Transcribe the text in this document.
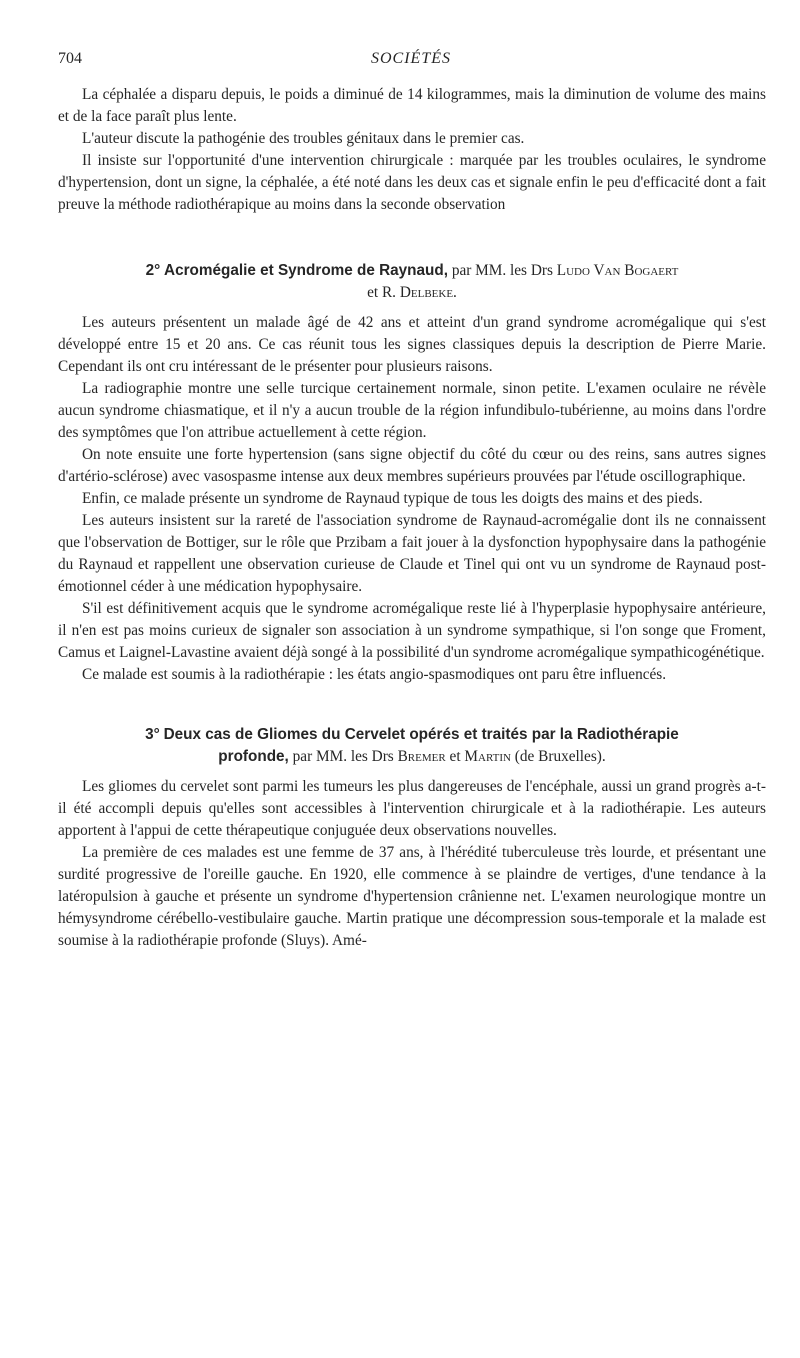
704	SOCIÉTÉS

La céphalée a disparu depuis, le poids a diminué de 14 kilogrammes, mais la diminution de volume des mains et de la face paraît plus lente.

L'auteur discute la pathogénie des troubles génitaux dans le premier cas.

Il insiste sur l'opportunité d'une intervention chirurgicale : marquée par les troubles oculaires, le syndrome d'hypertension, dont un signe, la céphalée, a été noté dans les deux cas et signale enfin le peu d'efficacité dont a fait preuve la méthode radiothérapique au moins dans la seconde observation

2° Acromégalie et Syndrome de Raynaud, par MM. les Drs Ludo Van Bogaert
et R. Delbeke.

Les auteurs présentent un malade âgé de 42 ans et atteint d'un grand syndrome acromégalique qui s'est développé entre 15 et 20 ans. Ce cas réunit tous les signes classiques depuis la description de Pierre Marie. Cependant ils ont cru intéressant de le présenter pour plusieurs raisons.

La radiographie montre une selle turcique certainement normale, sinon petite. L'examen oculaire ne révèle aucun syndrome chiasmatique, et il n'y a aucun trouble de la région infundibulo-tubérienne, au moins dans l'ordre des symptômes que l'on attribue actuellement à cette région.

On note ensuite une forte hypertension (sans signe objectif du côté du cœur ou des reins, sans autres signes d'artério-sclérose) avec vasospasme intense aux deux membres supérieurs prouvées par l'étude oscillographique.

Enfin, ce malade présente un syndrome de Raynaud typique de tous les doigts des mains et des pieds.

Les auteurs insistent sur la rareté de l'association syndrome de Raynaud-acromégalie dont ils ne connaissent que l'observation de Bottiger, sur le rôle que Przibam a fait jouer à la dysfonction hypophysaire dans la pathogénie du Raynaud et rappellent une observation curieuse de Claude et Tinel qui ont vu un syndrome de Raynaud post-émotionnel céder à une médication hypophysaire.

S'il est définitivement acquis que le syndrome acromégalique reste lié à l'hyperplasie hypophysaire antérieure, il n'en est pas moins curieux de signaler son association à un syndrome sympathique, si l'on songe que Froment, Camus et Laignel-Lavastine avaient déjà songé à la possibilité d'un syndrome acromégalique sympathicogénétique.

Ce malade est soumis à la radiothérapie : les états angio-spasmodiques ont paru être influencés.

3° Deux cas de Gliomes du Cervelet opérés et traités par la Radiothérapie
profonde, par MM. les Drs Bremer et Martin (de Bruxelles).

Les gliomes du cervelet sont parmi les tumeurs les plus dangereuses de l'encéphale, aussi un grand progrès a-t-il été accompli depuis qu'elles sont accessibles à l'intervention chirurgicale et à la radiothérapie. Les auteurs apportent à l'appui de cette thérapeutique conjuguée deux observations nouvelles.

La première de ces malades est une femme de 37 ans, à l'hérédité tuberculeuse très lourde, et présentant une surdité progressive de l'oreille gauche. En 1920, elle commence à se plaindre de vertiges, d'une tendance à la latéropulsion à gauche et présente un syndrome d'hypertension crânienne net. L'examen neurologique montre un hémysyndrome cérébello-vestibulaire gauche. Martin pratique une décompression sous-temporale et la malade est soumise à la radiothérapie profonde (Sluys). Amé-
